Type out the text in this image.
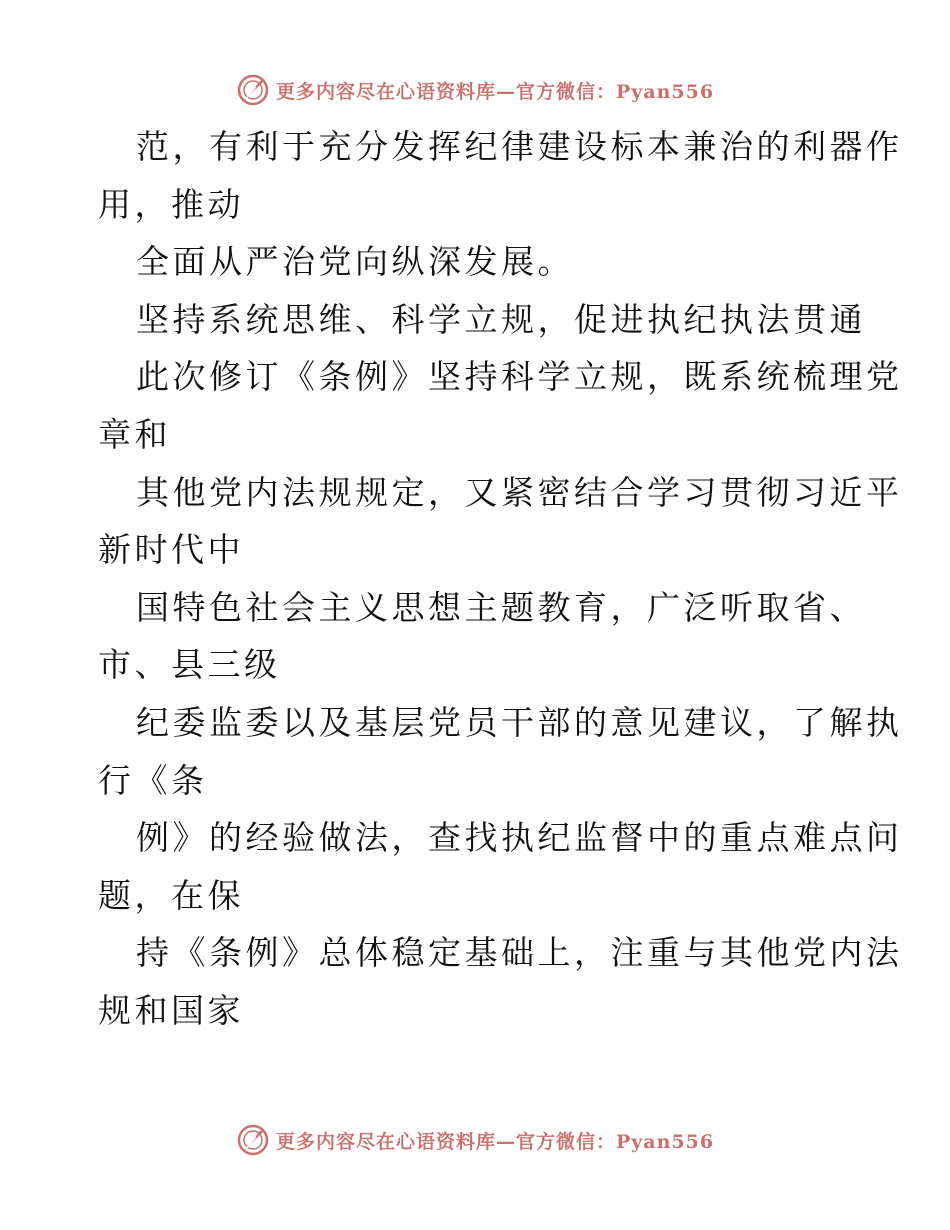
更多内容尽在心语资料库—官方微信：Pyan556
范，有利于充分发挥纪律建设标本兼治的利器作
用，推动
全面从严治党向纵深发展。
坚持系统思维、科学立规，促进执纪执法贯通
此次修订《条例》坚持科学立规，既系统梳理党
章和
其他党内法规规定，又紧密结合学习贯彻习近平
新时代中
国特色社会主义思想主题教育，广泛听取省、
市、县三级
纪委监委以及基层党员干部的意见建议，了解执
行《条
例》的经验做法，查找执纪监督中的重点难点问
题，在保
持《条例》总体稳定基础上，注重与其他党内法
规和国家
更多内容尽在心语资料库—官方微信：Pyan556
